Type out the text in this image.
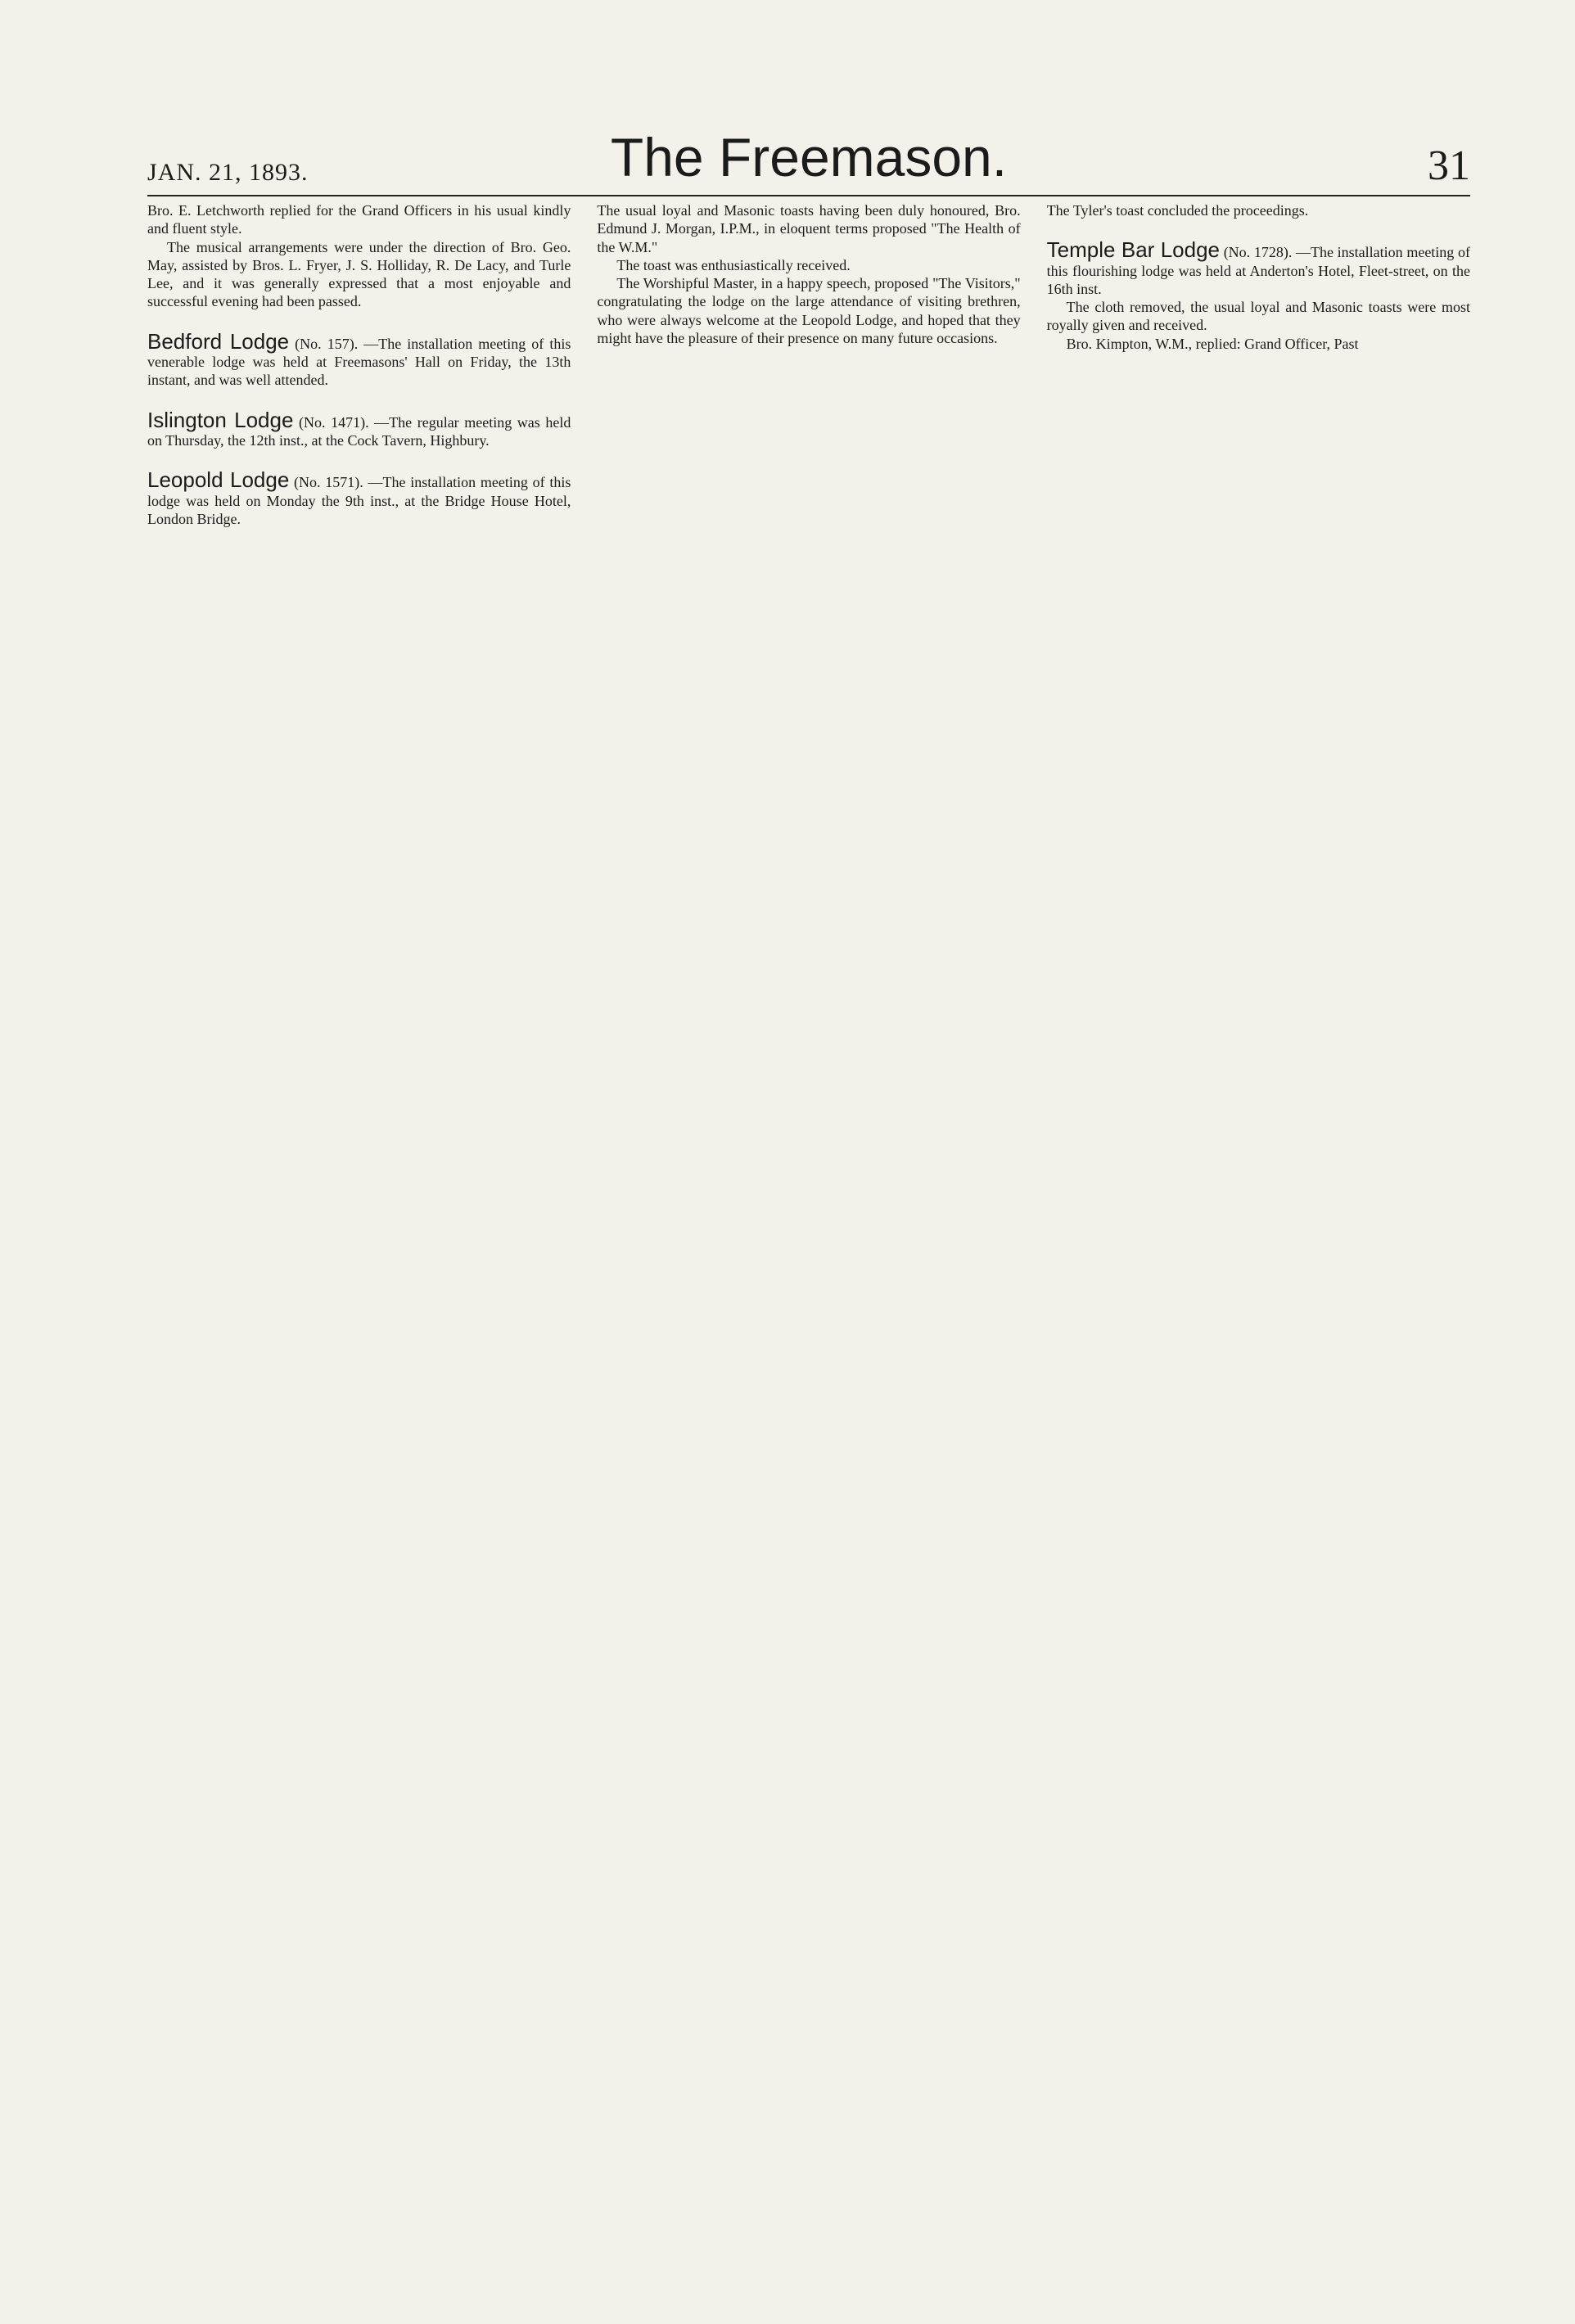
JAN. 21, 1893.	The Freemason.	31

Bro. E. Letchworth replied for the Grand Officers in his usual kindly and fluent style.

The musical arrangements were under the direction of Bro. Geo. May, assisted by Bros. L. Fryer, J. S. Holliday, R. De Lacy, and Turle Lee, and it was generally expressed that a most enjoyable and successful evening had been passed.

Bedford Lodge (No. 157). —The installation meeting of this venerable lodge was held at Freemasons' Hall on Friday, the 13th instant, and was well attended.

Islington Lodge (No. 1471). —The regular meeting was held on Thursday, the 12th inst., at the Cock Tavern, Highbury.

Leopold Lodge (No. 1571). —The installation meeting of this lodge was held on Monday the 9th inst., at the Bridge House Hotel, London Bridge.

The usual loyal and Masonic toasts having been duly honoured, Bro. Edmund J. Morgan, I.P.M., in eloquent terms proposed "The Health of the W.M."

The toast was enthusiastically received.

The Worshipful Master, in a happy speech, proposed "The Visitors," congratulating the lodge on the large attendance of visiting brethren, who were always welcome at the Leopold Lodge, and hoped that they might have the pleasure of their presence on many future occasions.

The Tyler's toast concluded the proceedings.

Temple Bar Lodge (No. 1728). —The installation meeting of this flourishing lodge was held at Anderton's Hotel, Fleet-street, on the 16th inst.

The cloth removed, the usual loyal and Masonic toasts were most royally given and received.

Bro. Kimpton, W.M., replied: Grand Officer, Past
